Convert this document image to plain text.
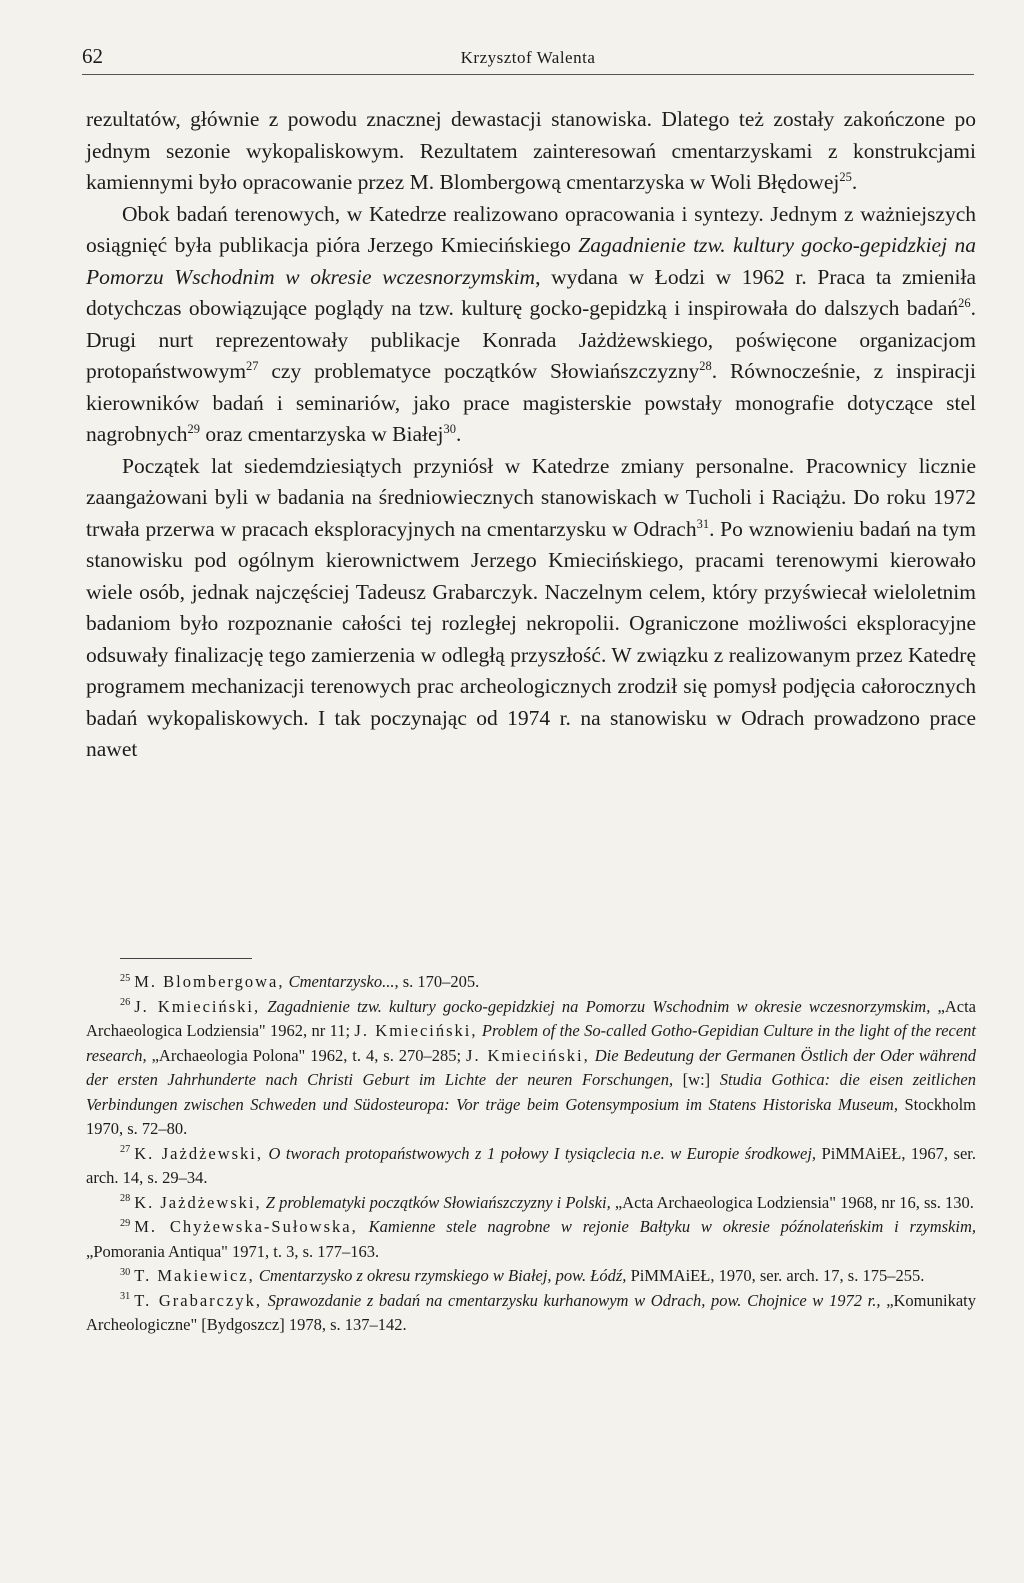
62	Krzysztof Walenta

rezultatów, głównie z powodu znacznej dewastacji stanowiska. Dlatego też zostały zakończone po jednym sezonie wykopaliskowym. Rezultatem zainteresowań cmentarzyskami z konstrukcjami kamiennymi było opracowanie przez M. Blombergową cmentarzyska w Woli Błędowej$^{25}$.

Obok badań terenowych, w Katedrze realizowano opracowania i syntezy. Jednym z ważniejszych osiągnięć była publikacja pióra Jerzego Kmiecińskiego Zagadnienie tzw. kultury gocko-gepidzkiej na Pomorzu Wschodnim w okresie wczesnorzymskim, wydana w Łodzi w 1962 r. Praca ta zmieniła dotychczas obowiązujące poglądy na tzw. kulturę gocko-gepidzką i inspirowała do dalszych badań$^{26}$. Drugi nurt reprezentowały publikacje Konrada Jażdżewskiego, poświęcone organizacjom protopaństwowym$^{27}$ czy problematyce początków Słowiańszczyzny$^{28}$. Równocześnie, z inspiracji kierowników badań i seminariów, jako prace magisterskie powstały monografie dotyczące stel nagrobnych$^{29}$ oraz cmentarzyska w Białej$^{30}$.

Początek lat siedemdziesiątych przyniósł w Katedrze zmiany personalne. Pracownicy licznie zaangażowani byli w badania na średniowiecznych stanowiskach w Tucholi i Raciążu. Do roku 1972 trwała przerwa w pracach eksploracyjnych na cmentarzysku w Odrach$^{31}$. Po wznowieniu badań na tym stanowisku pod ogólnym kierownictwem Jerzego Kmiecińskiego, pracami terenowymi kierowało wiele osób, jednak najczęściej Tadeusz Grabarczyk. Naczelnym celem, który przyświecał wieloletnim badaniom było rozpoznanie całości tej rozległej nekropolii. Ograniczone możliwości eksploracyjne odsuwały finalizację tego zamierzenia w odległą przyszłość. W związku z realizowanym przez Katedrę programem mechanizacji terenowych prac archeologicznych zrodził się pomysł podjęcia całorocznych badań wykopaliskowych. I tak poczynając od 1974 r. na stanowisku w Odrach prowadzono prace nawet

$^{25}$ M. Blombergowa, Cmentarzysko..., s. 170–205.

$^{26}$ J. Kmieciński, Zagadnienie tzw. kultury gocko-gepidzkiej na Pomorzu Wschodnim w okresie wczesnorzymskim, „Acta Archaeologica Lodziensia" 1962, nr 11; J. Kmieciński, Problem of the So-called Gotho-Gepidian Culture in the light of the recent research, „Archaeologia Polona" 1962, t. 4, s. 270–285; J. Kmieciński, Die Bedeutung der Germanen Östlich der Oder während der ersten Jahrhunderte nach Christi Geburt im Lichte der neuren Forschungen, [w:] Studia Gothica: die eisen zeitlichen Verbindungen zwischen Schweden und Südosteuropa: Vor träge beim Gotensymposium im Statens Historiska Museum, Stockholm 1970, s. 72–80.

$^{27}$ K. Jażdżewski, O tworach protopaństwowych z 1 połowy I tysiąclecia n.e. w Europie środkowej, PiMMAiEŁ, 1967, ser. arch. 14, s. 29–34.

$^{28}$ K. Jażdżewski, Z problematyki początków Słowiańszczyzny i Polski, „Acta Archaeologica Lodziensia" 1968, nr 16, ss. 130.

$^{29}$ M. Chyżewska-Sułowska, Kamienne stele nagrobne w rejonie Bałtyku w okresie późnolateńskim i rzymskim, „Pomorania Antiqua" 1971, t. 3, s. 177–163.

$^{30}$ T. Makiewicz, Cmentarzysko z okresu rzymskiego w Białej, pow. Łódź, PiMMAiEŁ, 1970, ser. arch. 17, s. 175–255.

$^{31}$ T. Grabarczyk, Sprawozdanie z badań na cmentarzysku kurhanowym w Odrach, pow. Chojnice w 1972 r., „Komunikaty Archeologiczne" [Bydgoszcz] 1978, s. 137–142.
